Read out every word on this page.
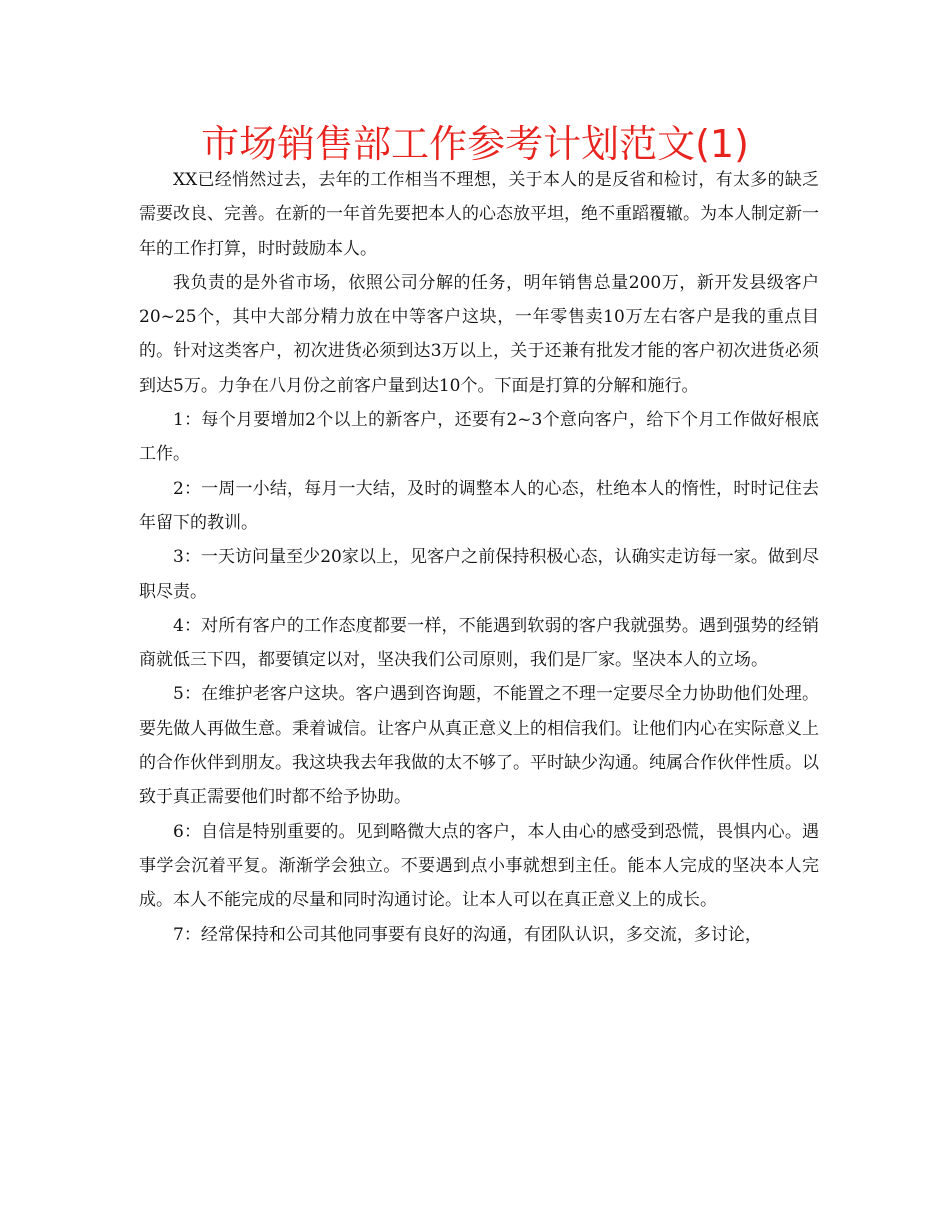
市场销售部工作参考计划范文(1)

XX已经悄然过去，去年的工作相当不理想，关于本人的是反省和检讨，有太多的缺乏需要改良、完善。在新的一年首先要把本人的心态放平坦，绝不重蹈覆辙。为本人制定新一年的工作打算，时时鼓励本人。

我负责的是外省市场，依照公司分解的任务，明年销售总量200万，新开发县级客户20~25个，其中大部分精力放在中等客户这块，一年零售卖10万左右客户是我的重点目的。针对这类客户，初次进货必须到达3万以上，关于还兼有批发才能的客户初次进货必须到达5万。力争在八月份之前客户量到达10个。下面是打算的分解和施行。

1：每个月要增加2个以上的新客户，还要有2~3个意向客户，给下个月工作做好根底工作。

2：一周一小结，每月一大结，及时的调整本人的心态，杜绝本人的惰性，时时记住去年留下的教训。

3：一天访问量至少20家以上，见客户之前保持积极心态，认确实走访每一家。做到尽职尽责。

4：对所有客户的工作态度都要一样，不能遇到软弱的客户我就强势。遇到强势的经销商就低三下四，都要镇定以对，坚决我们公司原则，我们是厂家。坚决本人的立场。

5：在维护老客户这块。客户遇到咨询题，不能置之不理一定要尽全力协助他们处理。要先做人再做生意。秉着诚信。让客户从真正意义上的相信我们。让他们内心在实际意义上的合作伙伴到朋友。我这块我去年我做的太不够了。平时缺少沟通。纯属合作伙伴性质。以致于真正需要他们时都不给予协助。

6：自信是特别重要的。见到略微大点的客户，本人由心的感受到恐慌，畏惧内心。遇事学会沉着平复。渐渐学会独立。不要遇到点小事就想到主任。能本人完成的坚决本人完成。本人不能完成的尽量和同时沟通讨论。让本人可以在真正意义上的成长。

7：经常保持和公司其他同事要有良好的沟通，有团队认识，多交流，多讨论，
